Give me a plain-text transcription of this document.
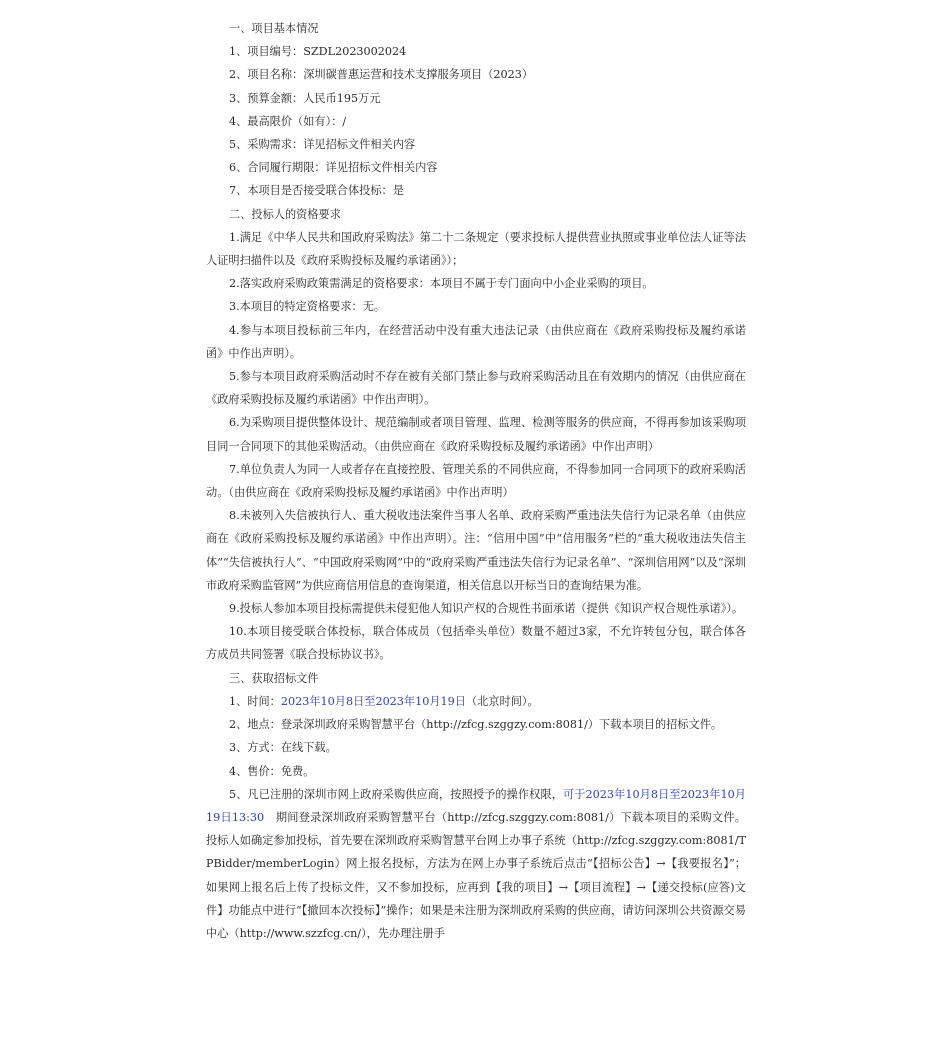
一、项目基本情况

1、项目编号：SZDL2023002024

2、项目名称：深圳碳普惠运营和技术支撑服务项目（2023）

3、预算金额：人民币195万元

4、最高限价（如有）：/

5、采购需求：详见招标文件相关内容

6、合同履行期限：详见招标文件相关内容

7、本项目是否接受联合体投标：是

二、投标人的资格要求

1.满足《中华人民共和国政府采购法》第二十二条规定（要求投标人提供营业执照或事业单位法人证等法人证明扫描件以及《政府采购投标及履约承诺函》）；

2.落实政府采购政策需满足的资格要求：本项目不属于专门面向中小企业采购的项目。

3.本项目的特定资格要求：无。

4.参与本项目投标前三年内，在经营活动中没有重大违法记录（由供应商在《政府采购投标及履约承诺函》中作出声明）。

5.参与本项目政府采购活动时不存在被有关部门禁止参与政府采购活动且在有效期内的情况（由供应商在《政府采购投标及履约承诺函》中作出声明）。

6.为采购项目提供整体设计、规范编制或者项目管理、监理、检测等服务的供应商，不得再参加该采购项目同一合同项下的其他采购活动。（由供应商在《政府采购投标及履约承诺函》中作出声明）

7.单位负责人为同一人或者存在直接控股、管理关系的不同供应商，不得参加同一合同项下的政府采购活动。（由供应商在《政府采购投标及履约承诺函》中作出声明）

8.未被列入失信被执行人、重大税收违法案件当事人名单、政府采购严重违法失信行为记录名单（由供应商在《政府采购投标及履约承诺函》中作出声明）。注：“信用中国”中“信用服务”栏的“重大税收违法失信主体”“失信被执行人”、“中国政府采购网”中的“政府采购严重违法失信行为记录名单”、“深圳信用网”以及“深圳市政府采购监管网”为供应商信用信息的查询渠道，相关信息以开标当日的查询结果为准。

9.投标人参加本项目投标需提供未侵犯他人知识产权的合规性书面承诺（提供《知识产权合规性承诺》）。

10.本项目接受联合体投标，联合体成员（包括牵头单位）数量不超过3家，不允许转包分包，联合体各方成员共同签署《联合投标协议书》。

三、获取招标文件

1、时间：2023年10月8日至2023年10月19日（北京时间）。

2、地点：登录深圳政府采购智慧平台（http://zfcg.szggzy.com:8081/）下载本项目的招标文件。

3、方式：在线下载。

4、售价：免费。

5、凡已注册的深圳市网上政府采购供应商，按照授予的操作权限，可于2023年10月8日至2023年10月19日13:30　期间登录深圳政府采购智慧平台（http://zfcg.szggzy.com:8081/）下载本项目的采购文件。投标人如确定参加投标，首先要在深圳政府采购智慧平台网上办事子系统（http://zfcg.szggzy.com:8081/TPBidder/memberLogin）网上报名投标，方法为在网上办事子系统后点击“【招标公告】→【我要报名】”；如果网上报名后上传了投标文件，又不参加投标，应再到【我的项目】→【项目流程】→【递交投标(应答)文件】功能点中进行“【撤回本次投标】”操作；如果是未注册为深圳政府采购的供应商，请访问深圳公共资源交易中心（http://www.szzfcg.cn/），先办理注册手
